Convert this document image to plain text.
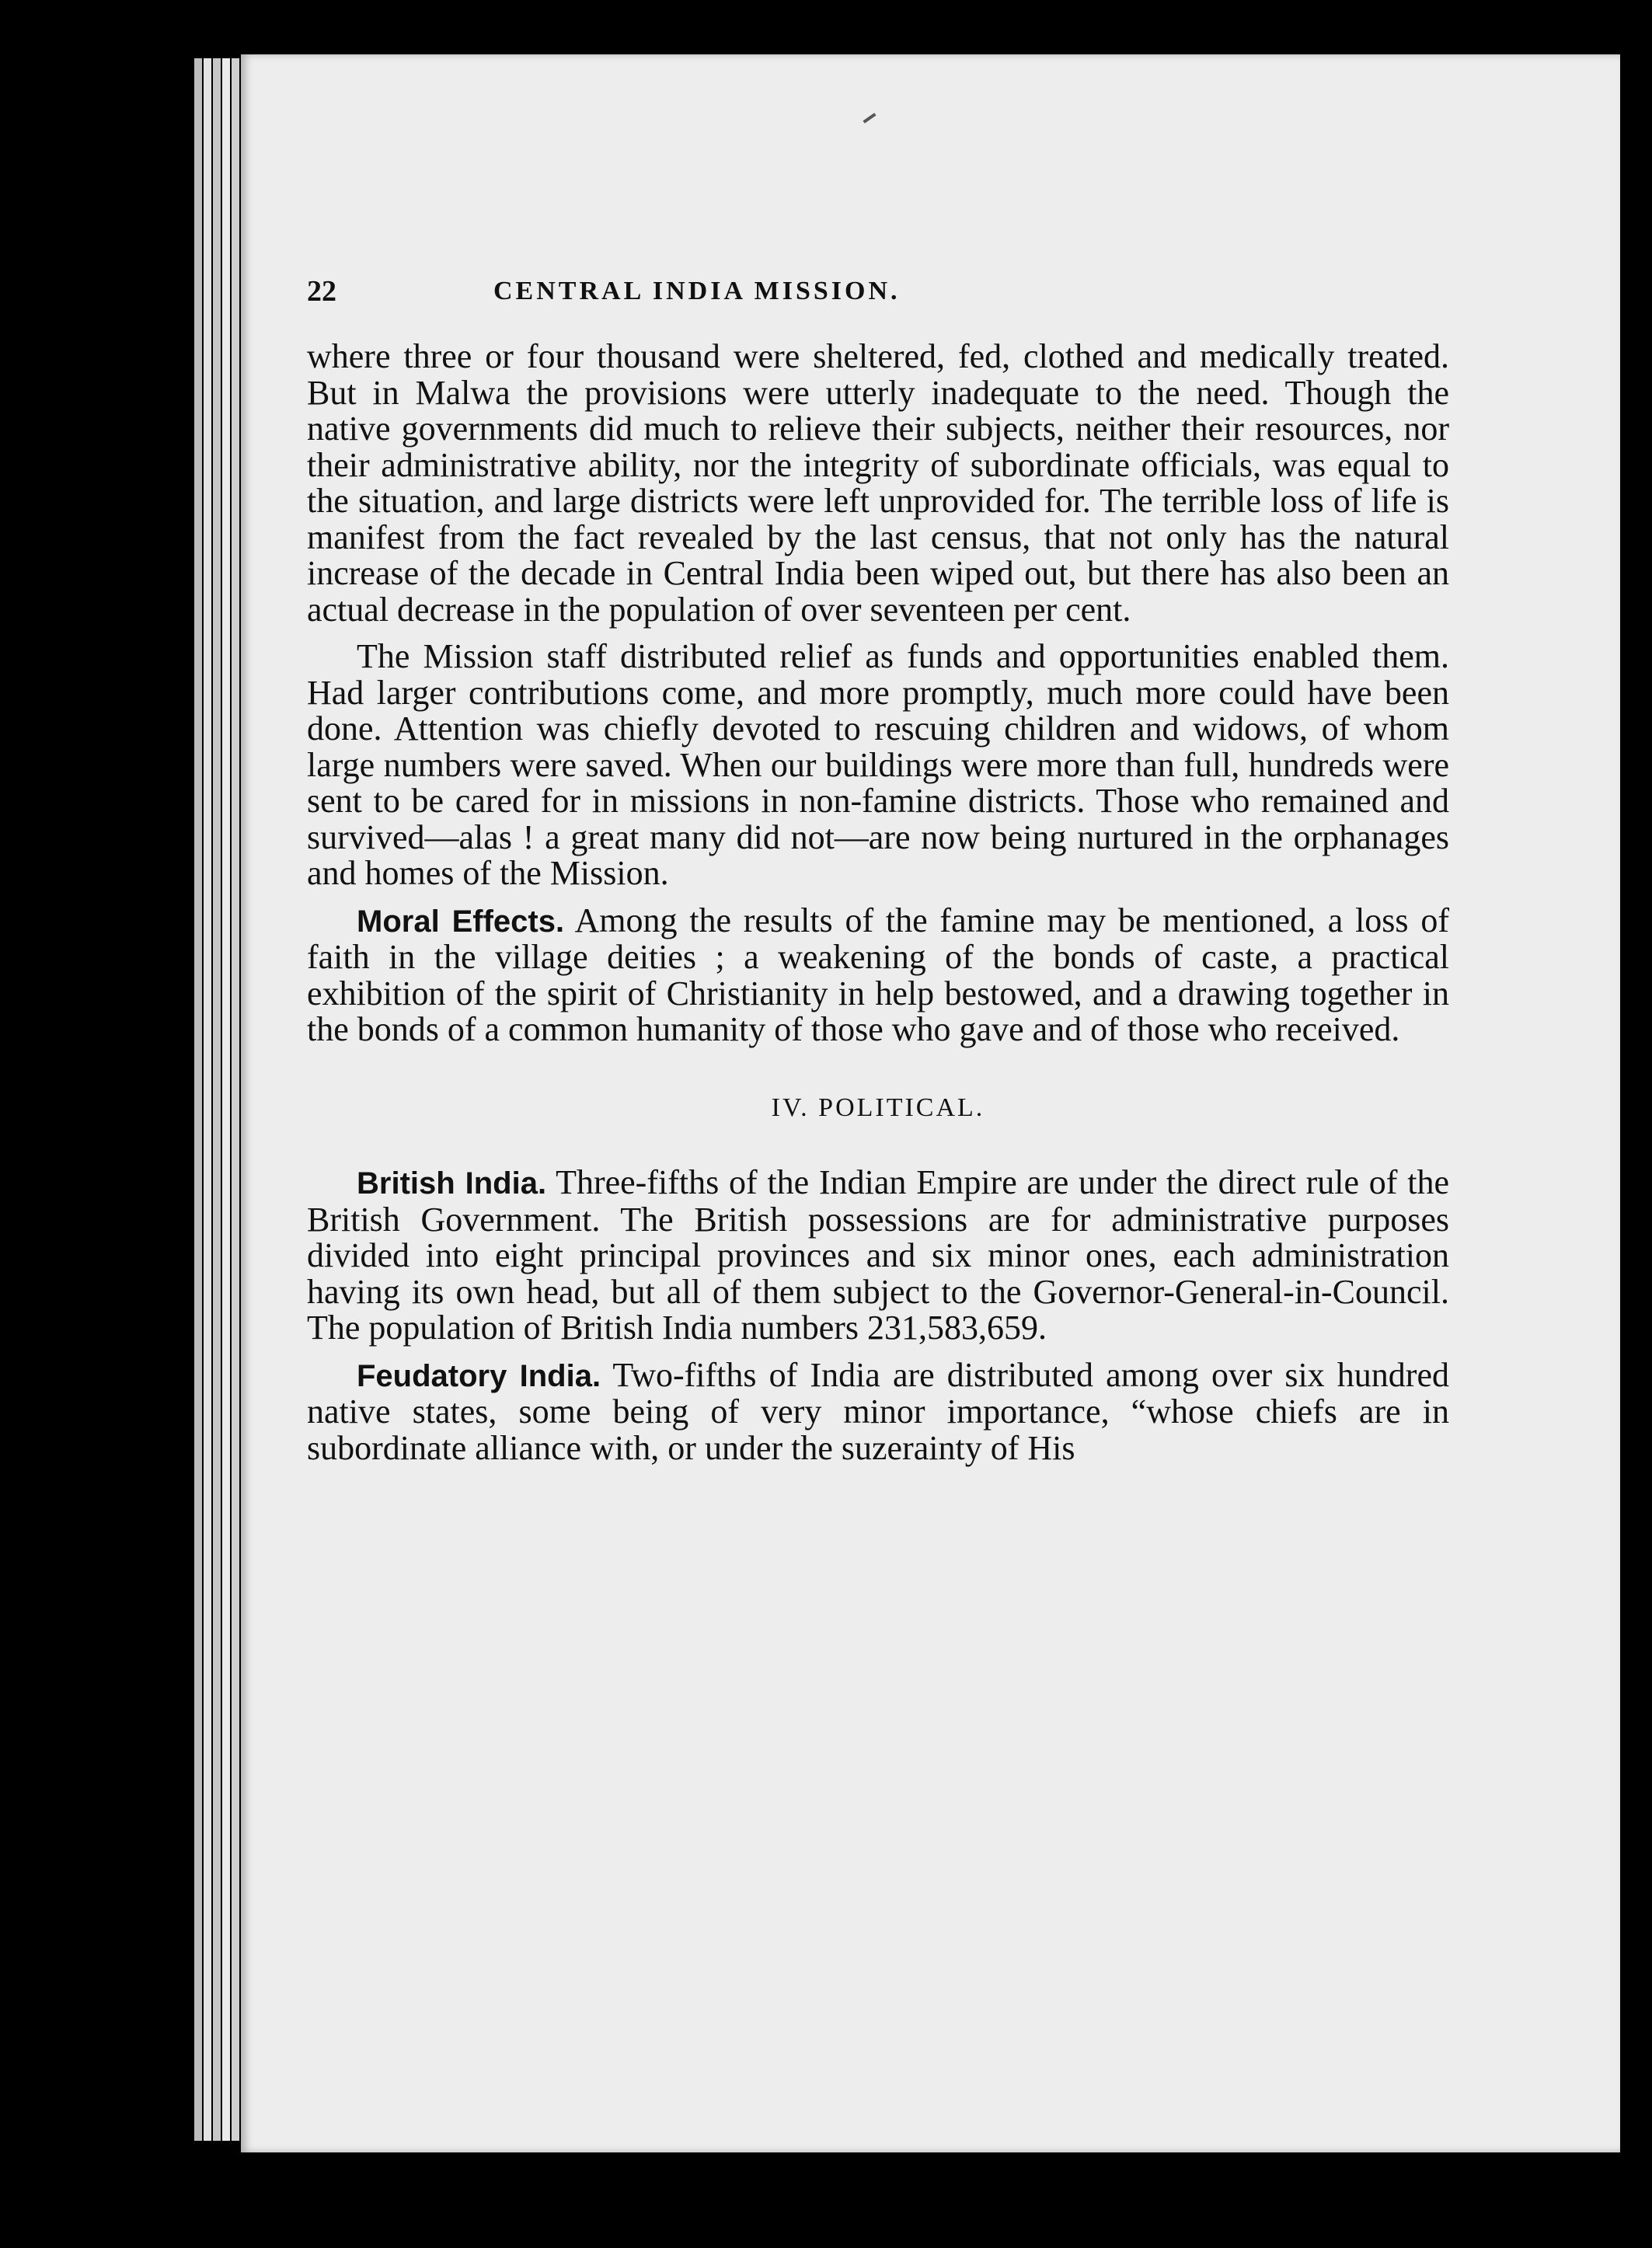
22	CENTRAL INDIA MISSION.

where three or four thousand were sheltered, fed, clothed and medically treated. But in Malwa the provisions were utterly inadequate to the need. Though the native governments did much to relieve their subjects, neither their resources, nor their administrative ability, nor the integrity of subordinate officials, was equal to the situation, and large districts were left unprovided for. The terrible loss of life is manifest from the fact revealed by the last census, that not only has the natural increase of the decade in Central India been wiped out, but there has also been an actual decrease in the population of over seventeen per cent.

The Mission staff distributed relief as funds and opportunities enabled them. Had larger contributions come, and more promptly, much more could have been done. Attention was chiefly devoted to rescuing children and widows, of whom large numbers were saved. When our buildings were more than full, hundreds were sent to be cared for in missions in non-famine districts. Those who remained and survived—alas ! a great many did not—are now being nurtured in the orphanages and homes of the Mission.

Moral Effects. Among the results of the famine may be mentioned, a loss of faith in the village deities ; a weakening of the bonds of caste, a practical exhibition of the spirit of Christianity in help bestowed, and a drawing together in the bonds of a common humanity of those who gave and of those who received.

IV. POLITICAL.

British India. Three-fifths of the Indian Empire are under the direct rule of the British Government. The British possessions are for administrative purposes divided into eight principal provinces and six minor ones, each administration having its own head, but all of them subject to the Governor-General-in-Council. The population of British India numbers 231,583,659.

Feudatory India. Two-fifths of India are distributed among over six hundred native states, some being of very minor importance, “whose chiefs are in subordinate alliance with, or under the suzerainty of His
